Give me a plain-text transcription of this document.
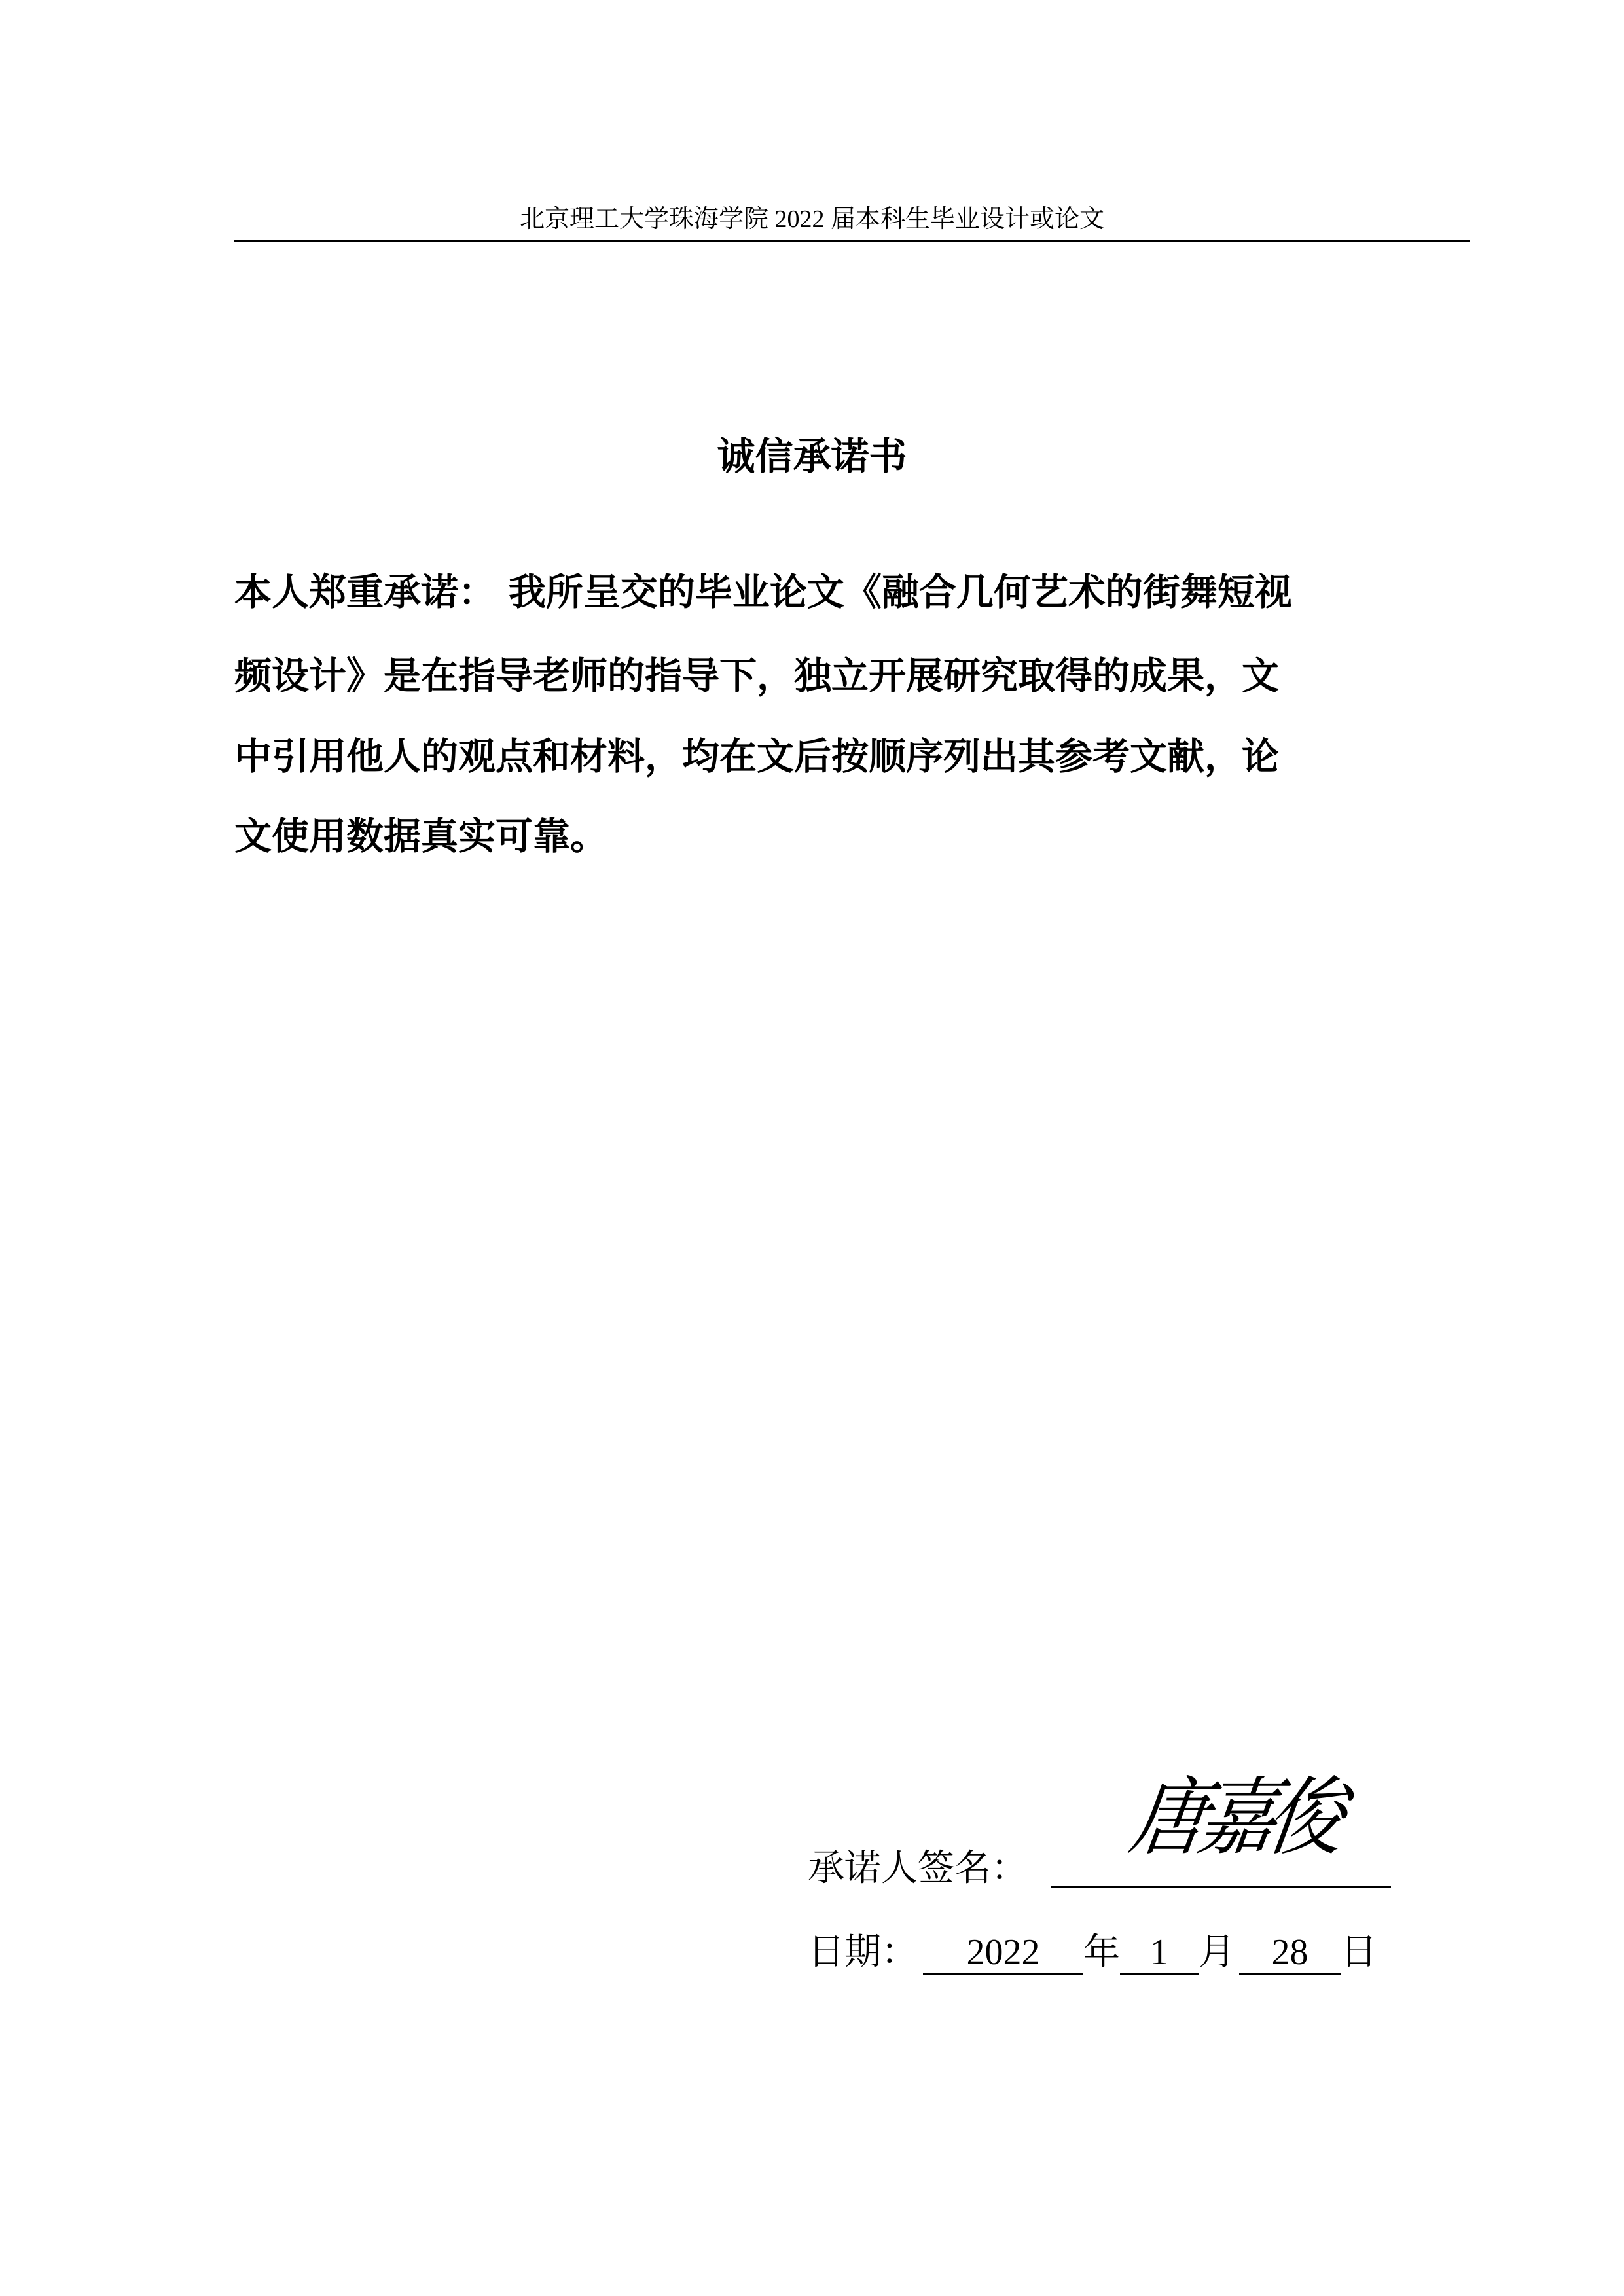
北京理工大学珠海学院 2022 届本科生毕业设计或论文
诚信承诺书
本人郑重承诺： 我所呈交的毕业论文《融合几何艺术的街舞短视
频设计》是在指导老师的指导下，独立开展研究取得的成果，文
中引用他人的观点和材料，均在文后按顺序列出其参考文献，论
文使用数据真实可靠。
承诺人签名：
唐嘉俊
日期： 2022 年 1 月 28 日
